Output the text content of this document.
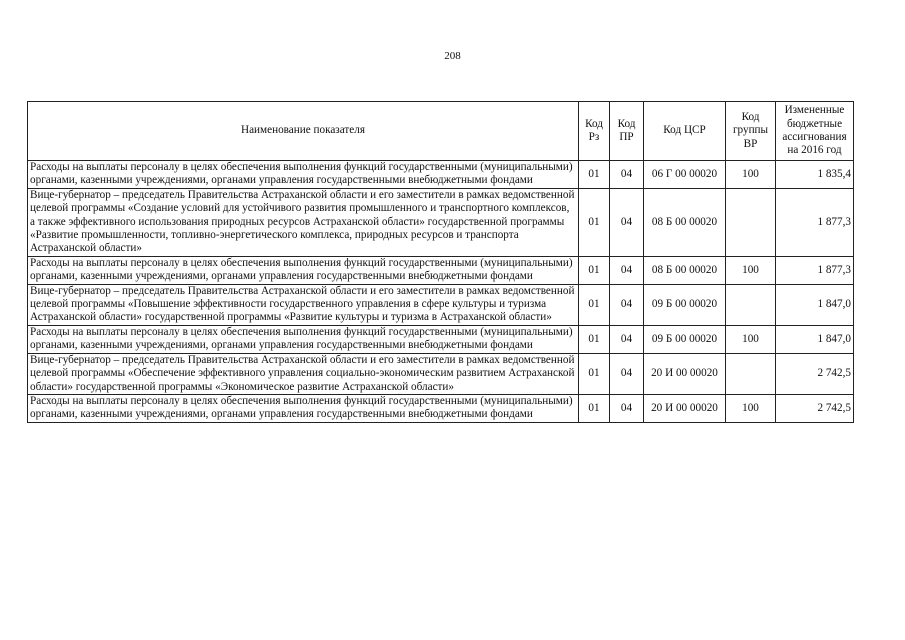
208
Наименование показателя	Код Рз	Код ПР	Код ЦСР	Код группы ВР	Измененные бюджетные ассигнования на 2016 год
Расходы на выплаты персоналу в целях обеспечения выполнения функций государственными (муниципальными) органами, казенными учреждениями, органами управления государственными внебюджетными фондами	01	04	06 Г 00 00020	100	1 835,4
Вице-губернатор – председатель Правительства Астраханской области и его заместители в рамках ведомственной целевой программы «Создание условий для устойчивого развития промышленного и транспортного комплексов, а также эффективного использования природных ресурсов Астраханской области» государственной программы «Развитие промышленности, топливно-энергетического комплекса, природных ресурсов и транспорта Астраханской области»	01	04	08 Б 00 00020		1 877,3
Расходы на выплаты персоналу в целях обеспечения выполнения функций государственными (муниципальными) органами, казенными учреждениями, органами управления государственными внебюджетными фондами	01	04	08 Б 00 00020	100	1 877,3
Вице-губернатор – председатель Правительства Астраханской области и его заместители в рамках ведомственной целевой программы «Повышение эффективности государственного управления в сфере культуры и туризма Астраханской области» государственной программы «Развитие культуры и туризма в Астраханской области»	01	04	09 Б 00 00020		1 847,0
Расходы на выплаты персоналу в целях обеспечения выполнения функций государственными (муниципальными) органами, казенными учреждениями, органами управления государственными внебюджетными фондами	01	04	09 Б 00 00020	100	1 847,0
Вице-губернатор – председатель Правительства Астраханской области и его заместители в рамках ведомственной целевой программы «Обеспечение эффективного управления социально-экономическим развитием Астраханской области» государственной программы «Экономическое развитие Астраханской области»	01	04	20 И 00 00020		2 742,5
Расходы на выплаты персоналу в целях обеспечения выполнения функций государственными (муниципальными) органами, казенными учреждениями, органами управления государственными внебюджетными фондами	01	04	20 И 00 00020	100	2 742,5
